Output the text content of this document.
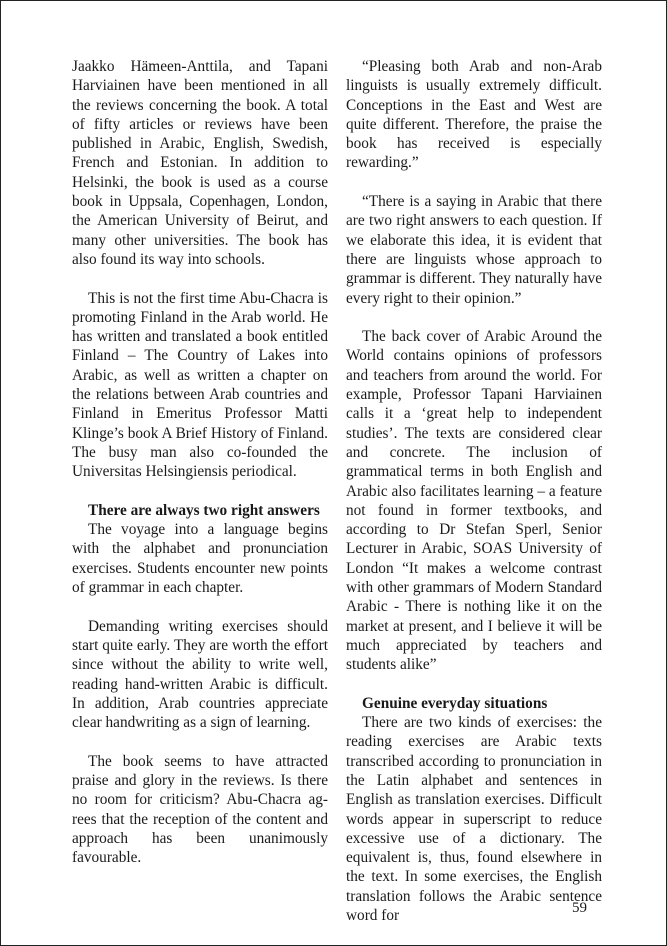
Jaakko Hämeen-Anttila, and Tapani Harviainen have been mentioned in all the reviews concerning the book. A total of fifty articles or reviews have been published in Arabic, English, Swedish, French and Estonian. In addition to Helsinki, the book is used as a course book in Uppsala, Copenhagen, London, the American University of Beirut, and many other universities. The book has also found its way into schools.

This is not the first time Abu-Chacra is promoting Finland in the Arab world. He has written and translated a book entitled Finland – The Country of Lakes into Arabic, as well as written a chapter on the relations between Arab countries and Finland in Emeritus Professor Matti Klinge’s book A Brief History of Finland. The busy man also co-founded the Universitas Helsingiensis periodical.

There are always two right answers

The voyage into a language begins with the alphabet and pronunciation exercises. Students encounter new points of grammar in each chapter.

Demanding writing exercises should start quite early. They are worth the effort since without the ability to write well, reading hand-written Arabic is difficult. In addition, Arab countries appreciate clear handwriting as a sign of learning.

The book seems to have attracted praise and glory in the reviews. Is there no room for criticism? Abu-Chacra ag-rees that the reception of the content and approach has been unanimously favourable.

“Pleasing both Arab and non-Arab linguists is usually extremely difficult. Conceptions in the East and West are quite different. Therefore, the praise the book has received is especially rewarding.”

“There is a saying in Arabic that there are two right answers to each question. If we elaborate this idea, it is evident that there are linguists whose approach to grammar is different. They naturally have every right to their opinion.”

The back cover of Arabic Around the World contains opinions of professors and teachers from around the world. For example, Professor Tapani Harviainen calls it a ‘great help to independent studies’. The texts are considered clear and concrete. The inclusion of grammatical terms in both English and Arabic also facilitates learning – a feature not found in former textbooks, and according to Dr Stefan Sperl, Senior Lecturer in Arabic, SOAS University of London “It makes a welcome contrast with other grammars of Modern Standard Arabic - There is nothing like it on the market at present, and I believe it will be much appreciated by teachers and students alike”

Genuine everyday situations

There are two kinds of exercises: the reading exercises are Arabic texts transcribed according to pronunciation in the Latin alphabet and sentences in English as translation exercises. Difficult words appear in superscript to reduce excessive use of a dictionary. The equivalent is, thus, found elsewhere in the text. In some exercises, the English translation follows the Arabic sentence word for	59
